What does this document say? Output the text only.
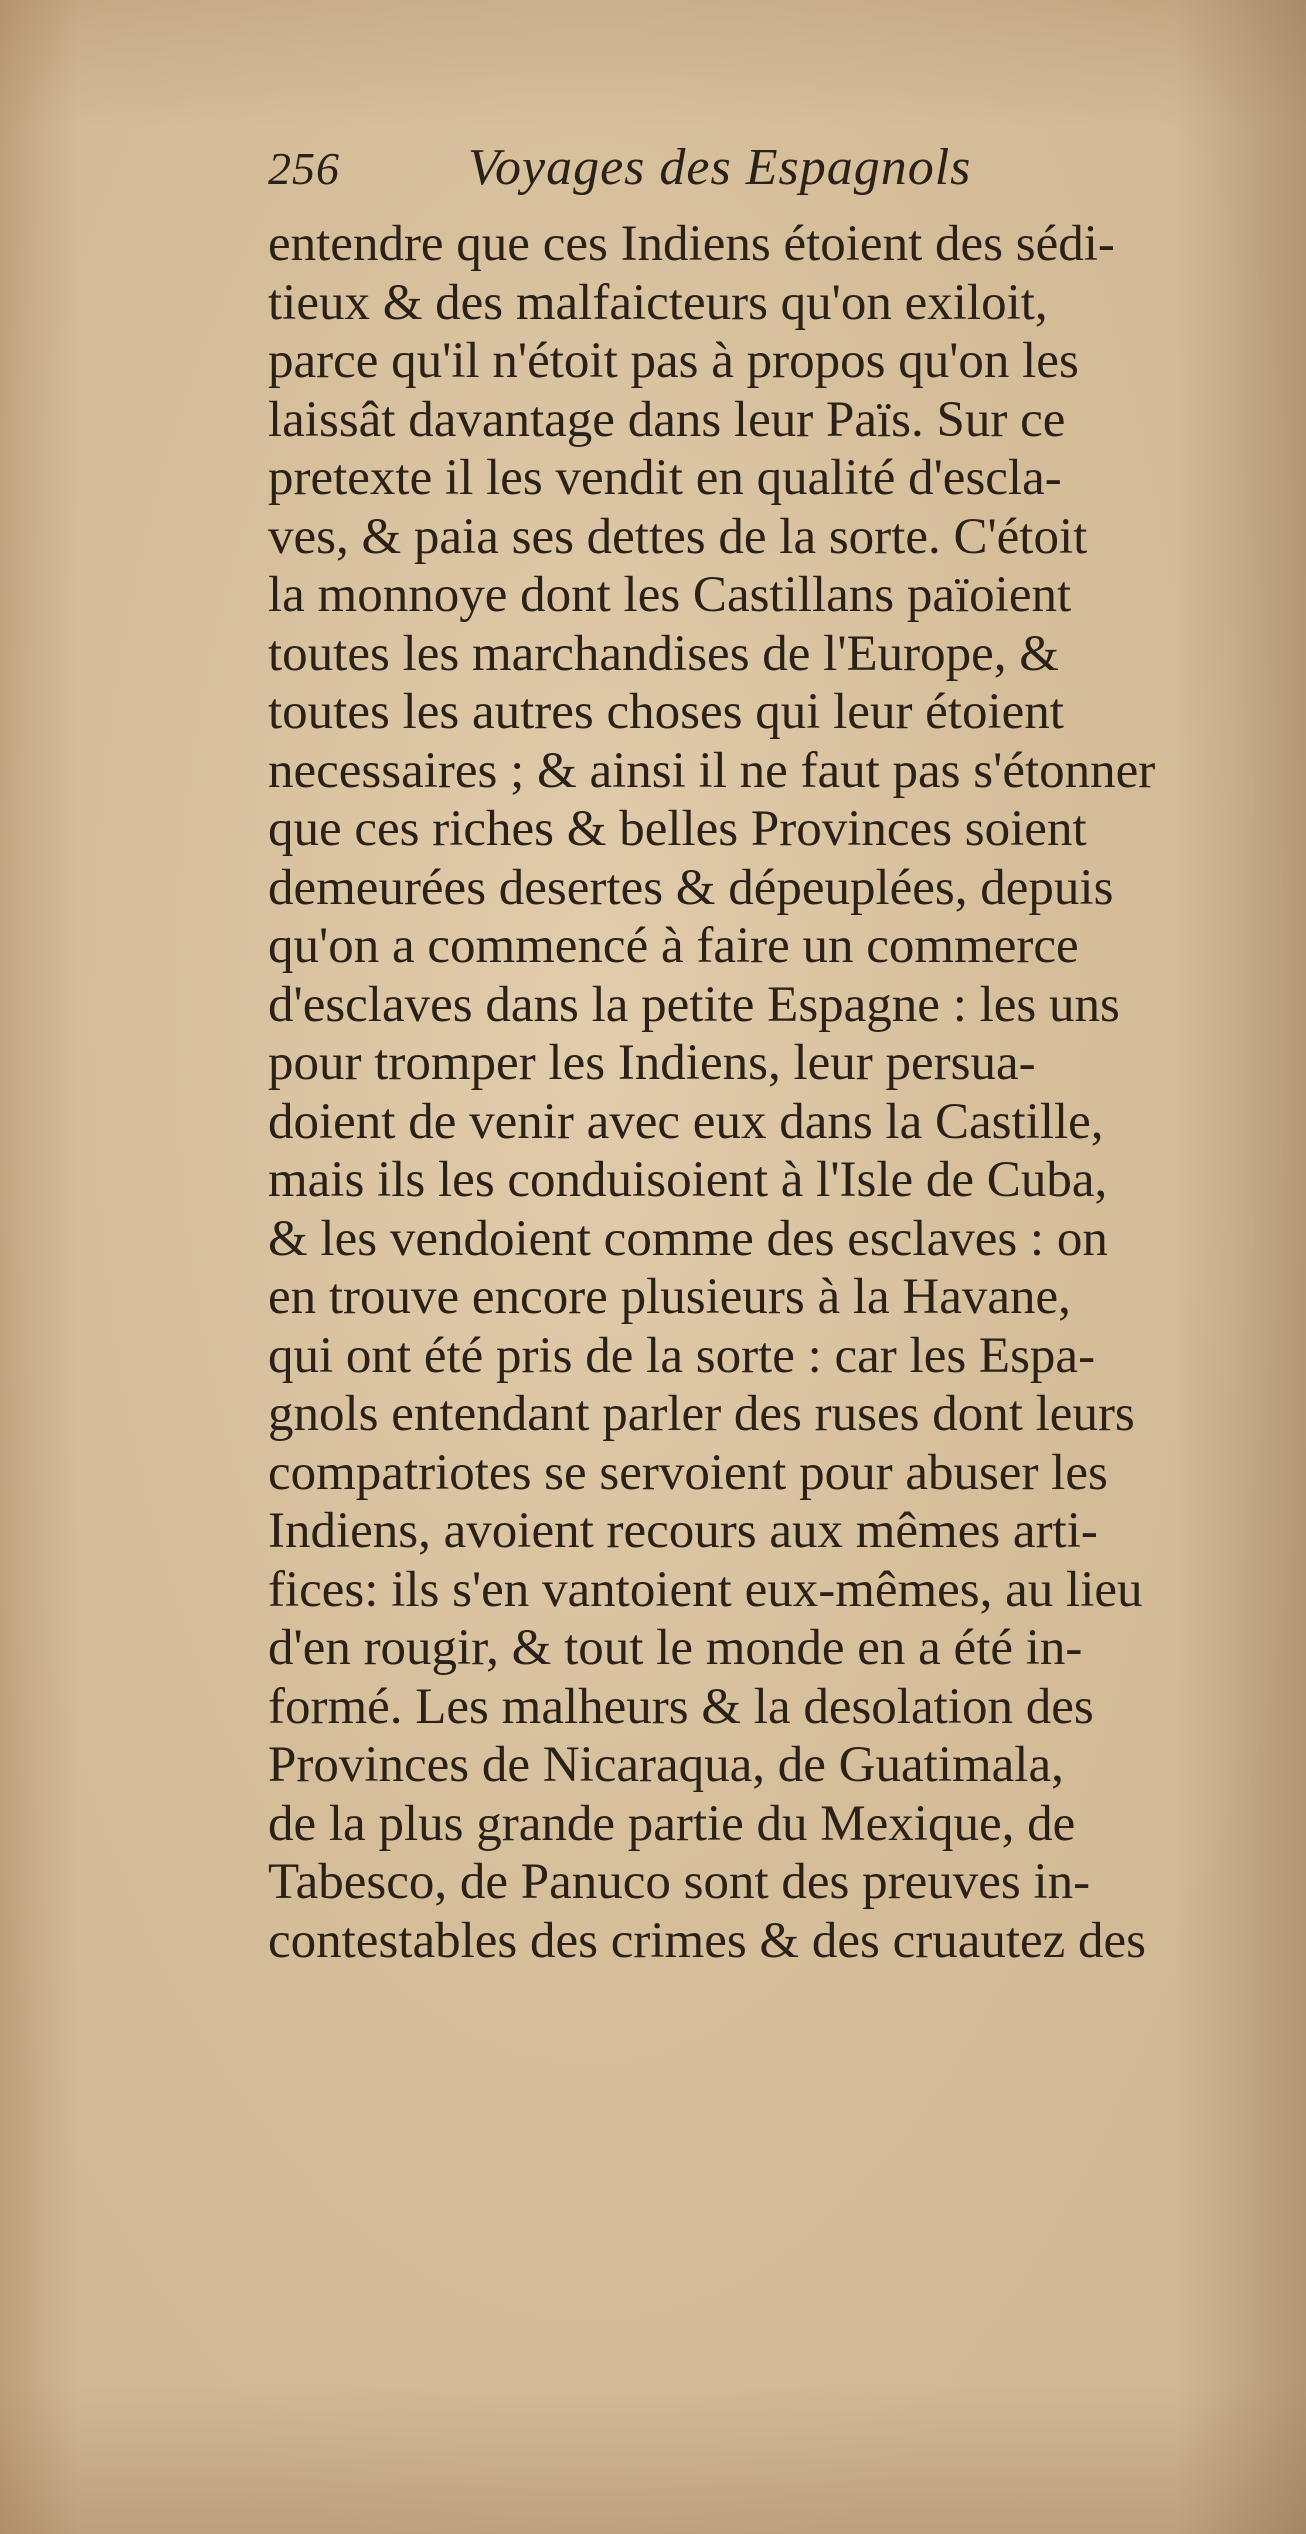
256 Voyages des Espagnols
entendre que ces Indiens étoient des sédi-
tieux & des malfaicteurs qu'on exiloit,
parce qu'il n'étoit pas à propos qu'on les
laissât davantage dans leur Païs. Sur ce
pretexte il les vendit en qualité d'escla-
ves, & paia ses dettes de la sorte. C'étoit
la monnoye dont les Castillans païoient
toutes les marchandises de l'Europe, &
toutes les autres choses qui leur étoient
necessaires ; & ainsi il ne faut pas s'étonner
que ces riches & belles Provinces soient
demeurées desertes & dépeuplées, depuis
qu'on a commencé à faire un commerce
d'esclaves dans la petite Espagne : les uns
pour tromper les Indiens, leur persua-
doient de venir avec eux dans la Castille,
mais ils les conduisoient à l'Isle de Cuba,
& les vendoient comme des esclaves : on
en trouve encore plusieurs à la Havane,
qui ont été pris de la sorte : car les Espa-
gnols entendant parler des ruses dont leurs
compatriotes se servoient pour abuser les
Indiens, avoient recours aux mêmes arti-
fices: ils s'en vantoient eux-mêmes, au lieu
d'en rougir, & tout le monde en a été in-
formé. Les malheurs & la desolation des
Provinces de Nicaraqua, de Guatimala,
de la plus grande partie du Mexique, de
Tabesco, de Panuco sont des preuves in-
contestables des crimes & des cruautez des
